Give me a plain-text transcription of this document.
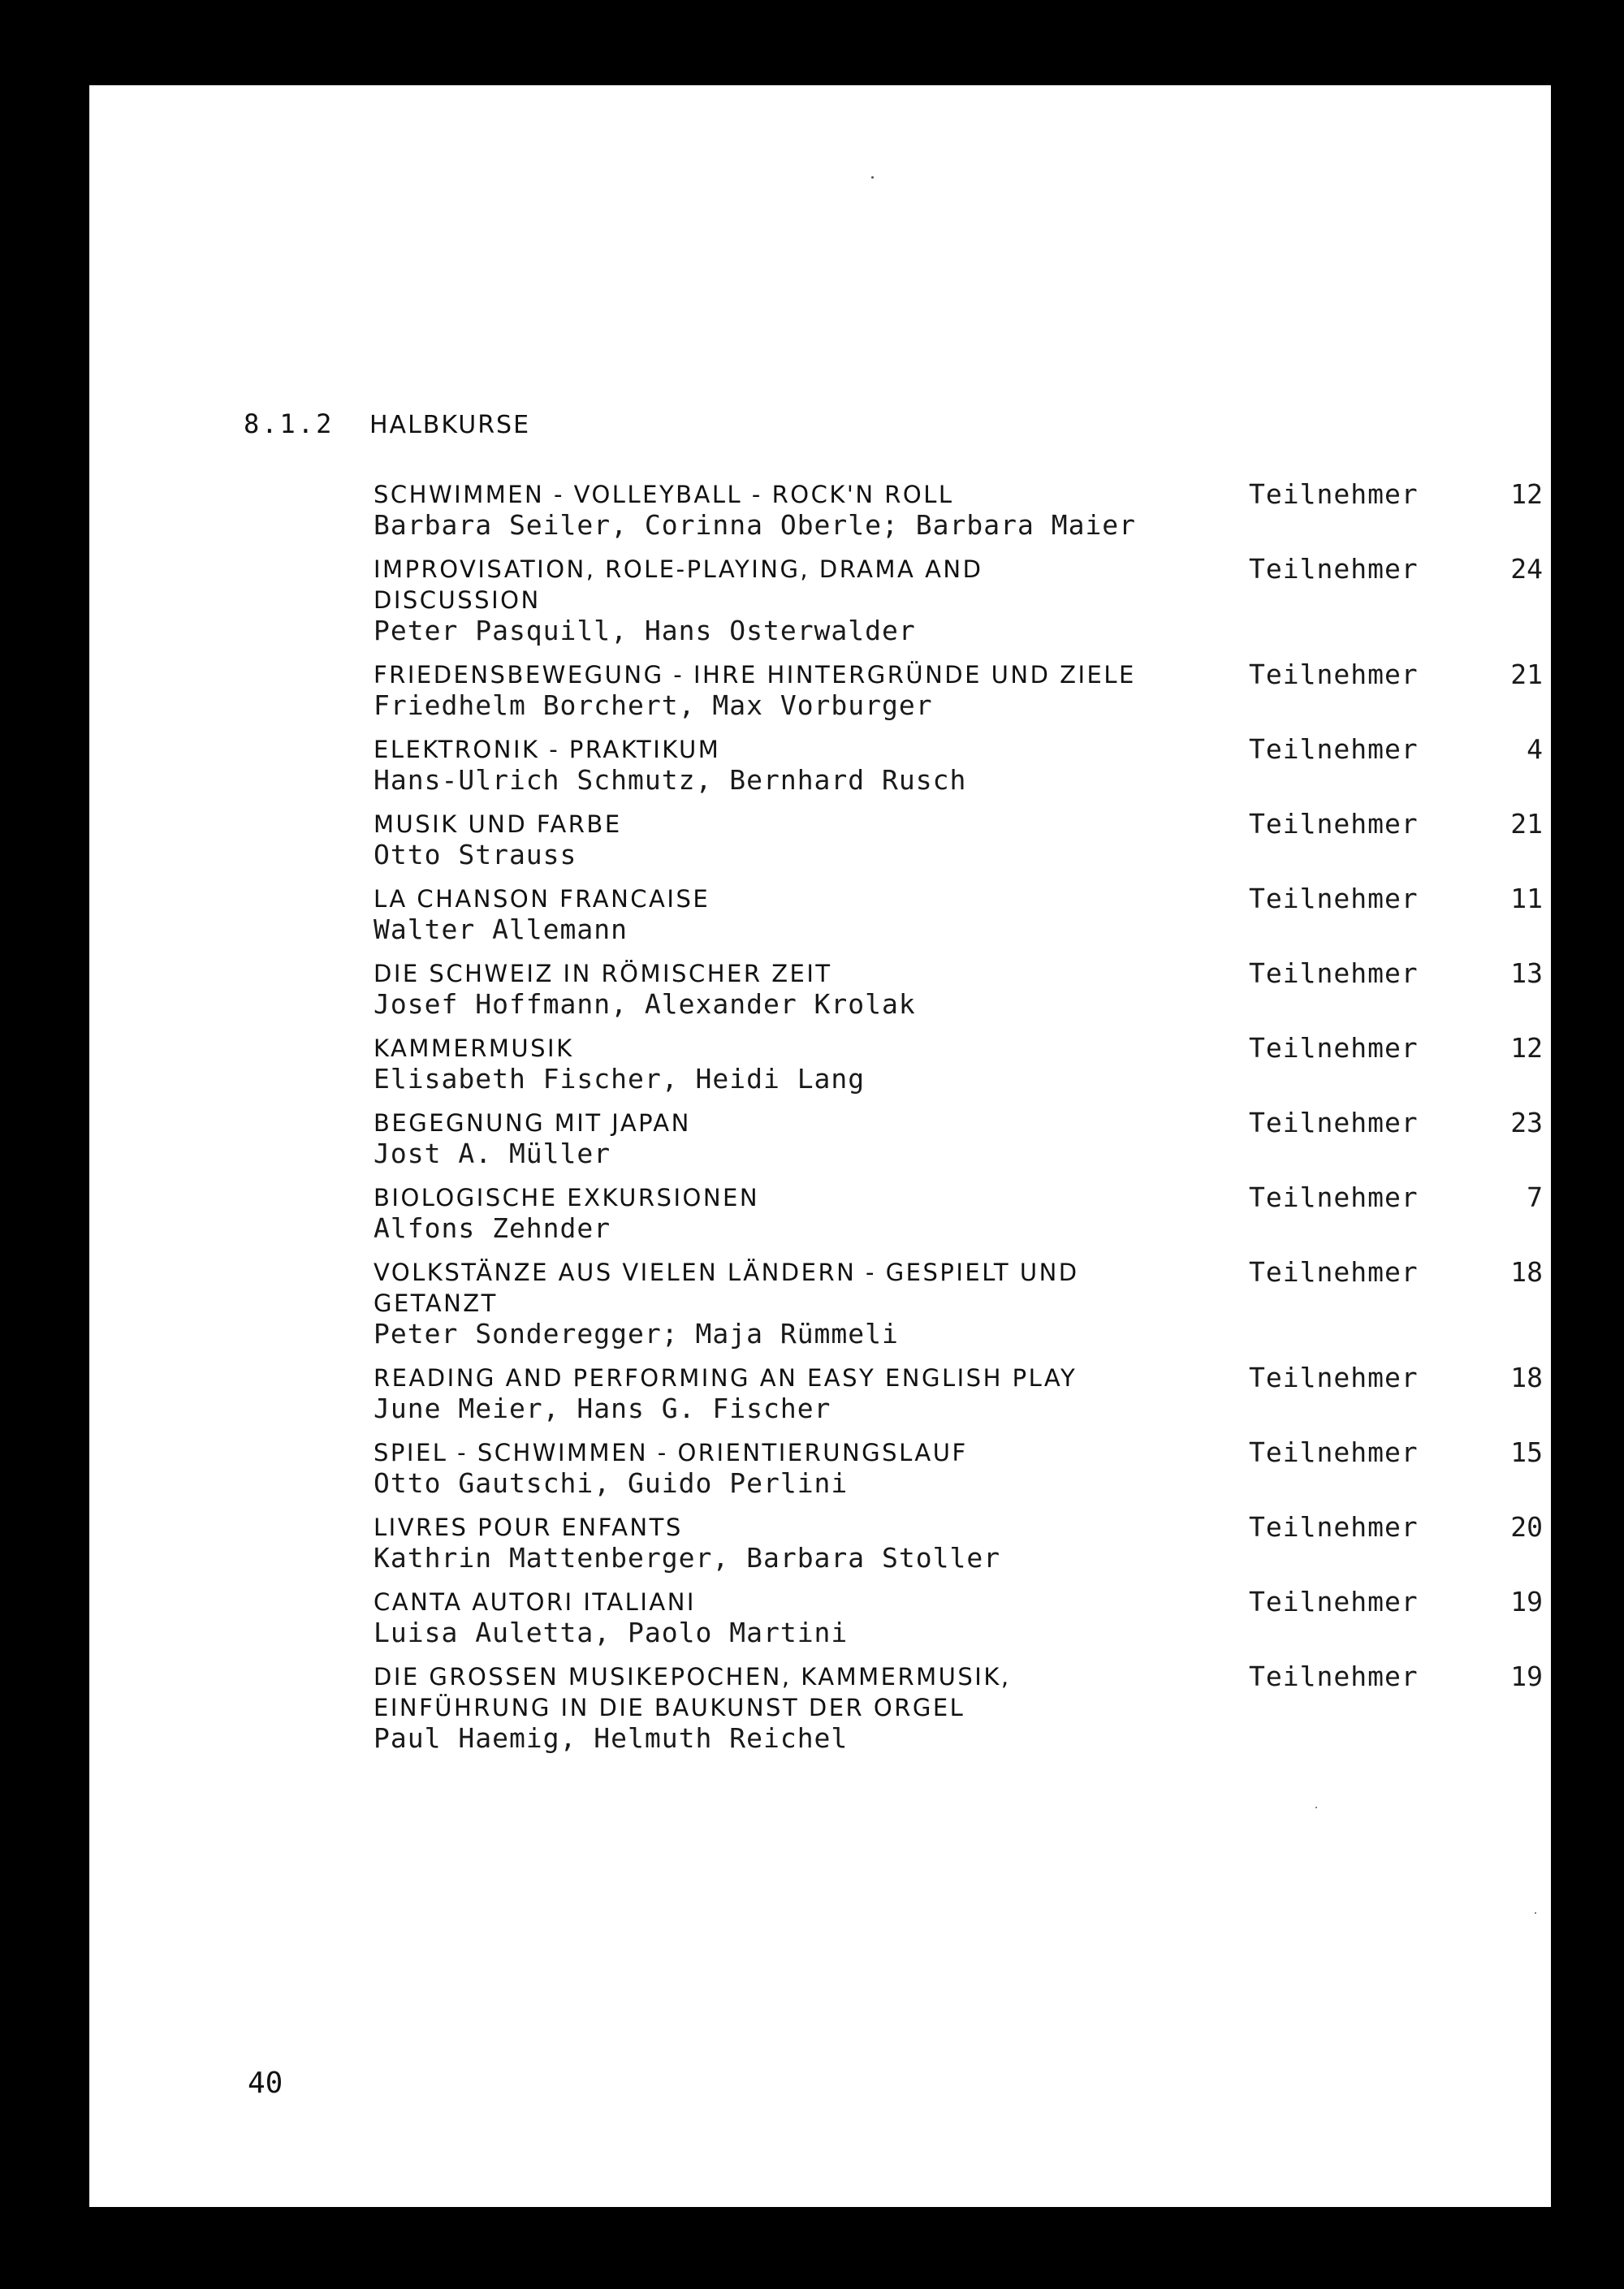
8.1.2 HALBKURSE
SCHWIMMEN - VOLLEYBALL - ROCK'N ROLL
Barbara Seiler, Corinna Oberle; Barbara Maier
Teilnehmer	12
IMPROVISATION, ROLE-PLAYING, DRAMA AND DISCUSSION
Peter Pasquill, Hans Osterwalder
Teilnehmer	24
FRIEDENSBEWEGUNG - IHRE HINTERGRÜNDE UND ZIELE
Friedhelm Borchert, Max Vorburger
Teilnehmer	21
ELEKTRONIK - PRAKTIKUM
Hans-Ulrich Schmutz, Bernhard Rusch
Teilnehmer	4
MUSIK UND FARBE
Otto Strauss
Teilnehmer	21
LA CHANSON FRANCAISE
Walter Allemann
Teilnehmer	11
DIE SCHWEIZ IN RÖMISCHER ZEIT
Josef Hoffmann, Alexander Krolak
Teilnehmer	13
KAMMERMUSIK
Elisabeth Fischer, Heidi Lang
Teilnehmer	12
BEGEGNUNG MIT JAPAN
Jost A. Müller
Teilnehmer	23
BIOLOGISCHE EXKURSIONEN
Alfons Zehnder
Teilnehmer	7
VOLKSTÄNZE AUS VIELEN LÄNDERN - GESPIELT UND GETANZT
Peter Sonderegger; Maja Rümmeli
Teilnehmer	18
READING AND PERFORMING AN EASY ENGLISH PLAY
June Meier, Hans G. Fischer
Teilnehmer	18
SPIEL - SCHWIMMEN - ORIENTIERUNGSLAUF
Otto Gautschi, Guido Perlini
Teilnehmer	15
LIVRES POUR ENFANTS
Kathrin Mattenberger, Barbara Stoller
Teilnehmer	20
CANTA AUTORI ITALIANI
Luisa Auletta, Paolo Martini
Teilnehmer	19
DIE GROSSEN MUSIKEPOCHEN, KAMMERMUSIK, EINFÜHRUNG IN DIE BAUKUNST DER ORGEL
Paul Haemig, Helmuth Reichel
Teilnehmer	19
40
